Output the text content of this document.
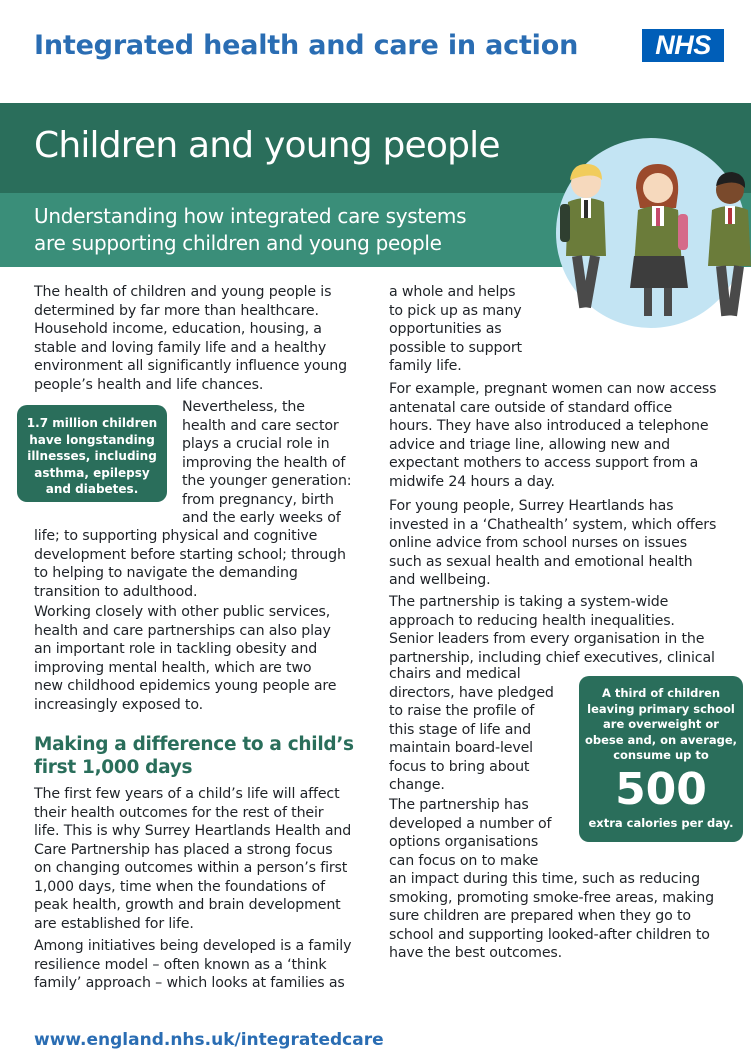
Integrated health and care in action	NHS
Children and young people
Understanding how integrated care systems
are supporting children and young people
The health of children and young people is
determined by far more than healthcare.
Household income, education, housing, a
stable and loving family life and a healthy
environment all significantly influence young
people’s health and life chances.
1.7 million children
have longstanding
illnesses, including
asthma, epilepsy
and diabetes.
Nevertheless, the
health and care sector
plays a crucial role in
improving the health of
the younger generation:
from pregnancy, birth
and the early weeks of
life; to supporting physical and cognitive
development before starting school; through
to helping to navigate the demanding
transition to adulthood.
Working closely with other public services,
health and care partnerships can also play
an important role in tackling obesity and
improving mental health, which are two
new childhood epidemics young people are
increasingly exposed to.
Making a difference to a child’s
first 1,000 days
The first few years of a child’s life will affect
their health outcomes for the rest of their
life. This is why Surrey Heartlands Health and
Care Partnership has placed a strong focus
on changing outcomes within a person’s first
1,000 days, time when the foundations of
peak health, growth and brain development
are established for life.
Among initiatives being developed is a family
resilience model – often known as a ‘think
family’ approach – which looks at families as
a whole and helps
to pick up as many
opportunities as
possible to support
family life.
For example, pregnant women can now access
antenatal care outside of standard office
hours. They have also introduced a telephone
advice and triage line, allowing new and
expectant mothers to access support from a
midwife 24 hours a day.
For young people, Surrey Heartlands has
invested in a ‘Chathealth’ system, which offers
online advice from school nurses on issues
such as sexual health and emotional health
and wellbeing.
The partnership is taking a system-wide
approach to reducing health inequalities.
Senior leaders from every organisation in the
partnership, including chief executives, clinical
chairs and medical
directors, have pledged
to raise the profile of
this stage of life and
maintain board-level
focus to bring about
change.
A third of children
leaving primary school
are overweight or
obese and, on average,
consume up to
500
extra calories per day.
The partnership has
developed a number of
options organisations
can focus on to make
an impact during this time, such as reducing
smoking, promoting smoke-free areas, making
sure children are prepared when they go to
school and supporting looked-after children to
have the best outcomes.
www.england.nhs.uk/integratedcare
